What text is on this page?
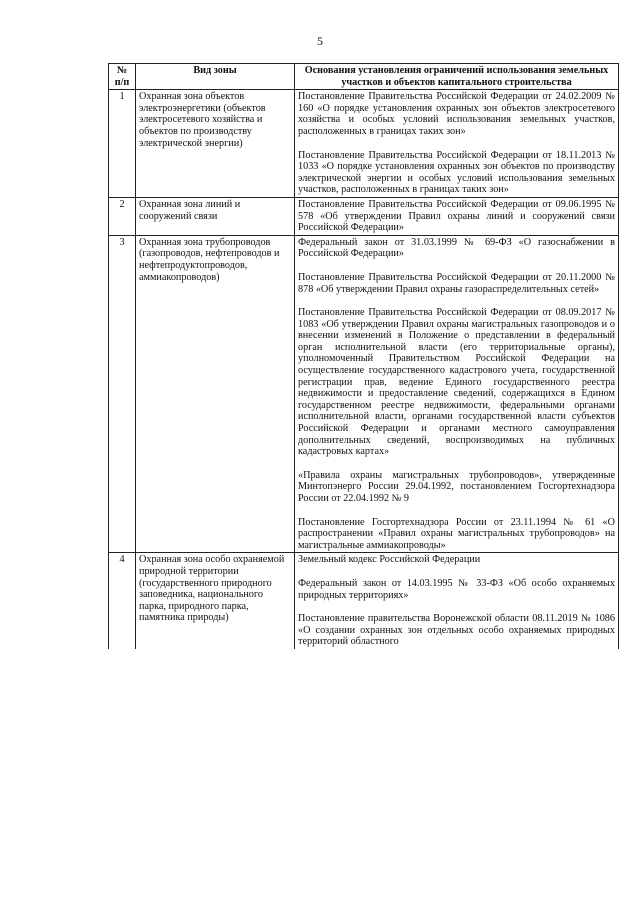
5
№ п/п	Вид зоны	Основания установления ограничений использования земельных участков и объектов капитального строительства
1	Охранная зона объектов электроэнергетики (объектов электросетевого хозяйства и объектов по производству электрической энергии)	Постановление Правительства Российской Федерации от 24.02.2009 № 160 «О порядке установления охранных зон объектов электросетевого хозяйства и особых условий использования земельных участков, расположенных в границах таких зон»

Постановление Правительства Российской Федерации от 18.11.2013 № 1033 «О порядке установления охранных зон объектов по производству электрической энергии и особых условий использования земельных участков, расположенных в границах таких зон»

2	Охранная зона линий и сооружений связи	Постановление Правительства Российской Федерации от 09.06.1995 № 578 «Об утверждении Правил охраны линий и сооружений связи Российской Федерации»

3	Охранная зона трубопроводов (газопроводов, нефтепроводов и нефтепродуктопроводов, аммиакопроводов)	Федеральный закон от 31.03.1999 № 69-ФЗ «О газоснабжении в Российской Федерации»

Постановление Правительства Российской Федерации от 20.11.2000 № 878 «Об утверждении Правил охраны газораспределительных сетей»

Постановление Правительства Российской Федерации от 08.09.2017 № 1083 «Об утверждении Правил охраны магистральных газопроводов и о внесении изменений в Положение о представлении в федеральный орган исполнительной власти (его территориальные органы), уполномоченный Правительством Российской Федерации на осуществление государственного кадастрового учета, государственной регистрации прав, ведение Единого государственного реестра недвижимости и предоставление сведений, содержащихся в Едином государственном реестре недвижимости, федеральными органами исполнительной власти, органами государственной власти субъектов Российской Федерации и органами местного самоуправления дополнительных сведений, воспроизводимых на публичных кадастровых картах»

«Правила охраны магистральных трубопроводов», утвержденные Минтопэнерго России 29.04.1992, постановлением Госгортехнадзора России от 22.04.1992 № 9

Постановление Госгортехнадзора России от 23.11.1994 № 61 «О распространении «Правил охраны магистральных трубопроводов» на магистральные аммиакопроводы»

4	Охранная зона особо охраняемой природной территории (государственного природного заповедника, национального парка, природного парка, памятника природы)	Земельный кодекс Российской Федерации

Федеральный закон от 14.03.1995 № 33-ФЗ «Об особо охраняемых природных территориях»

Постановление правительства Воронежской области 08.11.2019 № 1086 «О создании охранных зон отдельных особо охраняемых природных территорий областного
